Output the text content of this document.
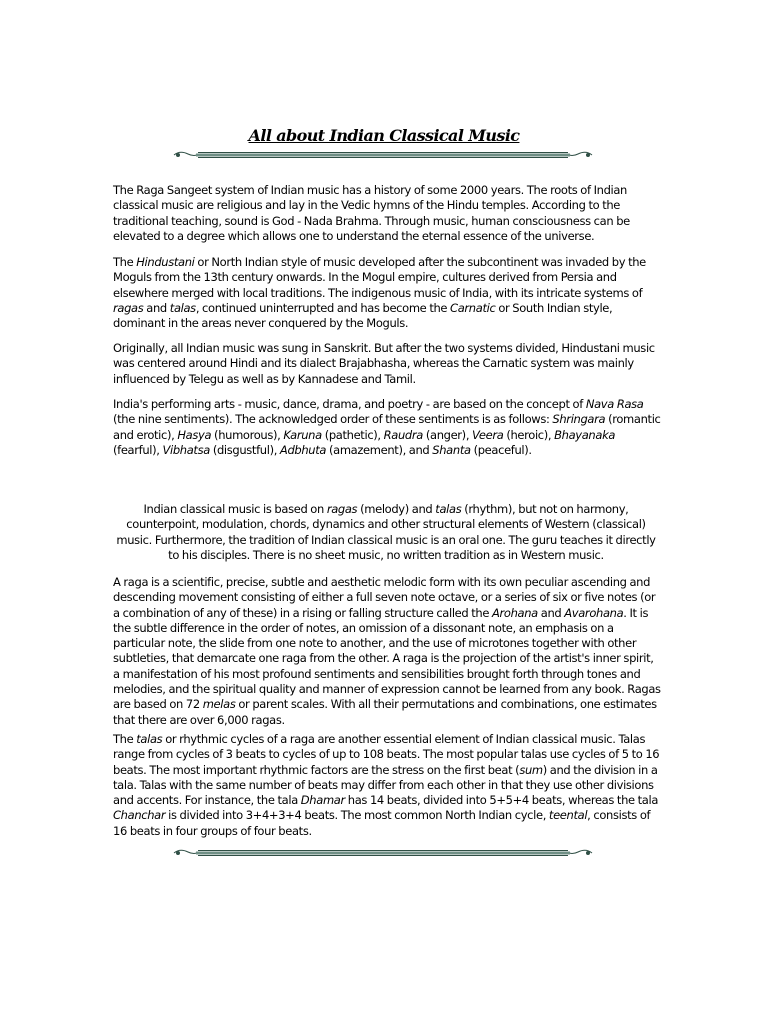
All about Indian Classical Music

The Raga Sangeet system of Indian music has a history of some 2000 years. The roots of Indian classical music are religious and lay in the Vedic hymns of the Hindu temples. According to the traditional teaching, sound is God - Nada Brahma. Through music, human consciousness can be elevated to a degree which allows one to understand the eternal essence of the universe.

The Hindustani or North Indian style of music developed after the subcontinent was invaded by the Moguls from the 13th century onwards. In the Mogul empire, cultures derived from Persia and elsewhere merged with local traditions. The indigenous music of India, with its intricate systems of ragas and talas, continued uninterrupted and has become the Carnatic or South Indian style, dominant in the areas never conquered by the Moguls.

Originally, all Indian music was sung in Sanskrit. But after the two systems divided, Hindustani music was centered around Hindi and its dialect Brajabhasha, whereas the Carnatic system was mainly influenced by Telegu as well as by Kannadese and Tamil.

India's performing arts - music, dance, drama, and poetry - are based on the concept of Nava Rasa (the nine sentiments). The acknowledged order of these sentiments is as follows: Shringara (romantic and erotic), Hasya (humorous), Karuna (pathetic), Raudra (anger), Veera (heroic), Bhayanaka (fearful), Vibhatsa (disgustful), Adbhuta (amazement), and Shanta (peaceful).

Indian classical music is based on ragas (melody) and talas (rhythm), but not on harmony, counterpoint, modulation, chords, dynamics and other structural elements of Western (classical) music. Furthermore, the tradition of Indian classical music is an oral one. The guru teaches it directly to his disciples. There is no sheet music, no written tradition as in Western music.

A raga is a scientific, precise, subtle and aesthetic melodic form with its own peculiar ascending and descending movement consisting of either a full seven note octave, or a series of six or five notes (or a combination of any of these) in a rising or falling structure called the Arohana and Avarohana. It is the subtle difference in the order of notes, an omission of a dissonant note, an emphasis on a particular note, the slide from one note to another, and the use of microtones together with other subtleties, that demarcate one raga from the other. A raga is the projection of the artist's inner spirit, a manifestation of his most profound sentiments and sensibilities brought forth through tones and melodies, and the spiritual quality and manner of expression cannot be learned from any book. Ragas are based on 72 melas or parent scales. With all their permutations and combinations, one estimates that there are over 6,000 ragas.

The talas or rhythmic cycles of a raga are another essential element of Indian classical music. Talas range from cycles of 3 beats to cycles of up to 108 beats. The most popular talas use cycles of 5 to 16 beats. The most important rhythmic factors are the stress on the first beat (sum) and the division in a tala. Talas with the same number of beats may differ from each other in that they use other divisions and accents. For instance, the tala Dhamar has 14 beats, divided into 5+5+4 beats, whereas the tala Chanchar is divided into 3+4+3+4 beats. The most common North Indian cycle, teental, consists of 16 beats in four groups of four beats.
